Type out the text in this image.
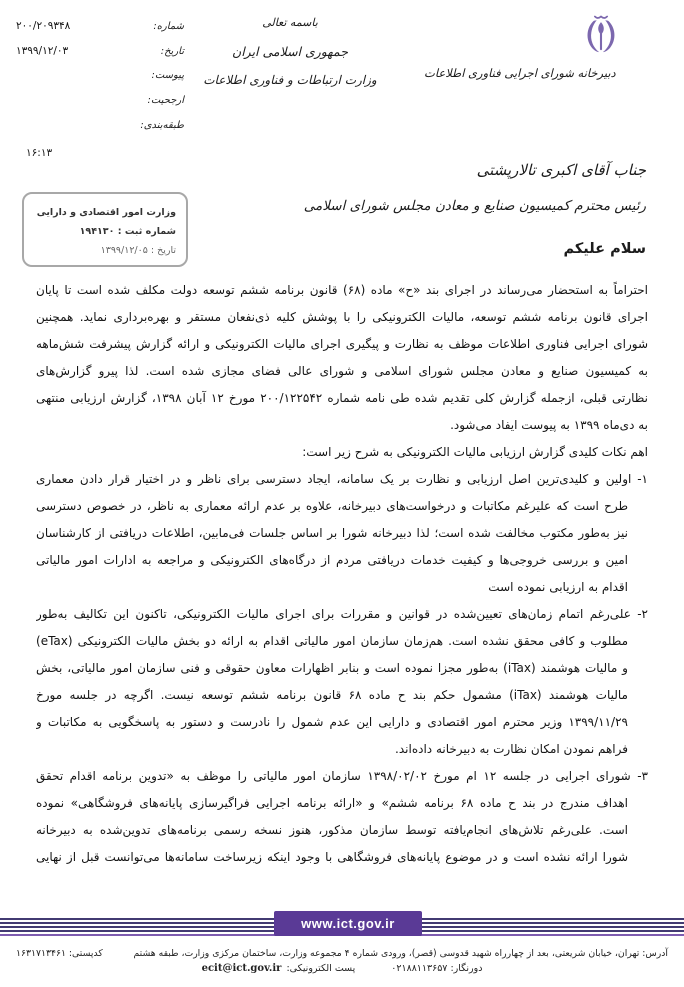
شماره:
۲۰۰/۲۰۹۳۴۸
تاریخ:
۱۳۹۹/۱۲/۰۳
پیوست:
ارجحیت:
طبقه‌بندی:
۱۶:۱۳
باسمه تعالی
جمهوری اسلامی ایران
وزارت ارتباطات و فناوری اطلاعات	دبیرخانه شورای اجرایی فناوری اطلاعات
وزارت امور اقتصادی و دارایی
شماره ثبت : ۱۹۴۱۳۰
تاریخ : ۱۳۹۹/۱۲/۰۵
جناب آقای اکبری تالارپشتی
رئیس محترم کمیسیون صنایع و معادن مجلس شورای اسلامی
سلام علیکم
احتراماً به استحضار می‌رساند در اجرای بند «ح» ماده (۶۸) قانون برنامه ششم توسعه دولت مکلف شده است تا پایان
اجرای قانون برنامه ششم توسعه، مالیات الکترونیکی را با پوشش کلیه ذی‌نفعان مستقر و بهره‌برداری نماید. همچنین
شورای اجرایی فناوری اطلاعات موظف به نظارت و پیگیری اجرای مالیات الکترونیکی و ارائه گزارش پیشرفت شش‌ماهه
به کمیسیون صنایع و معادن مجلس شورای اسلامی و شورای عالی فضای مجازی شده است. لذا پیرو گزارش‌های
نظارتی قبلی، ازجمله گزارش کلی تقدیم شده طی نامه شماره ۲۰۰/۱۲۲۵۴۲ مورخ ۱۲ آبان ۱۳۹۸، گزارش ارزیابی منتهی
به دی‌ماه ۱۳۹۹ به پیوست ایفاد می‌شود.
اهم نکات کلیدی گزارش ارزیابی مالیات الکترونیکی به شرح زیر است:
۱- اولین و کلیدی‌ترین اصل ارزیابی و نظارت بر یک سامانه، ایجاد دسترسی برای ناظر و در اختیار قرار دادن معماری
طرح است که علیرغم مکاتبات و درخواست‌های دبیرخانه، علاوه بر عدم ارائه معماری به ناظر، در خصوص دسترسی
نیز به‌طور مکتوب مخالفت شده است؛ لذا دبیرخانه شورا بر اساس جلسات فی‌مابین، اطلاعات دریافتی از کارشناسان
امین و بررسی خروجی‌ها و کیفیت خدمات دریافتی مردم از درگاه‌های الکترونیکی و مراجعه به ادارات امور مالیاتی
اقدام به ارزیابی نموده است
۲- علی‌رغم اتمام زمان‌های تعیین‌شده در قوانین و مقررات برای اجرای مالیات الکترونیکی، تاکنون این تکالیف به‌طور
مطلوب و کافی محقق نشده است. هم‌زمان سازمان امور مالیاتی اقدام به ارائه دو بخش مالیات الکترونیکی (eTax)
و مالیات هوشمند (iTax) به‌طور مجزا نموده است و بنابر اظهارات معاون حقوقی و فنی سازمان امور مالیاتی، بخش
مالیات هوشمند (iTax) مشمول حکم بند ح ماده ۶۸ قانون برنامه ششم توسعه نیست. اگرچه در جلسه مورخ
۱۳۹۹/۱۱/۲۹ وزیر محترم امور اقتصادی و دارایی این عدم شمول را نادرست و دستور به پاسخگویی به مکاتبات و
فراهم نمودن امکان نظارت به دبیرخانه داده‌اند.
۳- شورای اجرایی در جلسه ۱۲ ام مورخ ۱۳۹۸/۰۲/۰۲ سازمان امور مالیاتی را موظف به «تدوین برنامه اقدام تحقق
اهداف مندرج در بند ح ماده ۶۸ برنامه ششم» و «ارائه برنامه اجرایی فراگیرسازی پایانه‌های فروشگاهی» نموده
است. علی‌رغم تلاش‌های انجام‌یافته توسط سازمان مذکور، هنوز نسخه رسمی برنامه‌های تدوین‌شده به دبیرخانه
شورا ارائه نشده است و در موضوع پایانه‌های فروشگاهی با وجود اینکه زیرساخت سامانه‌ها می‌توانست قبل از نهایی
www.ict.gov.ir
آدرس: تهران، خیابان شریعتی، بعد از چهارراه شهید قدوسی (قصر)، ورودی شماره ۴ مجموعه وزارت، ساختمان مرکزی وزارت، طبقه هشتم
کدپستی: ۱۶۳۱۷۱۳۴۶۱
دورنگار: ۰۲۱۸۸۱۱۳۶۵۷
پست الکترونیکی:
ecit@ict.gov.ir
